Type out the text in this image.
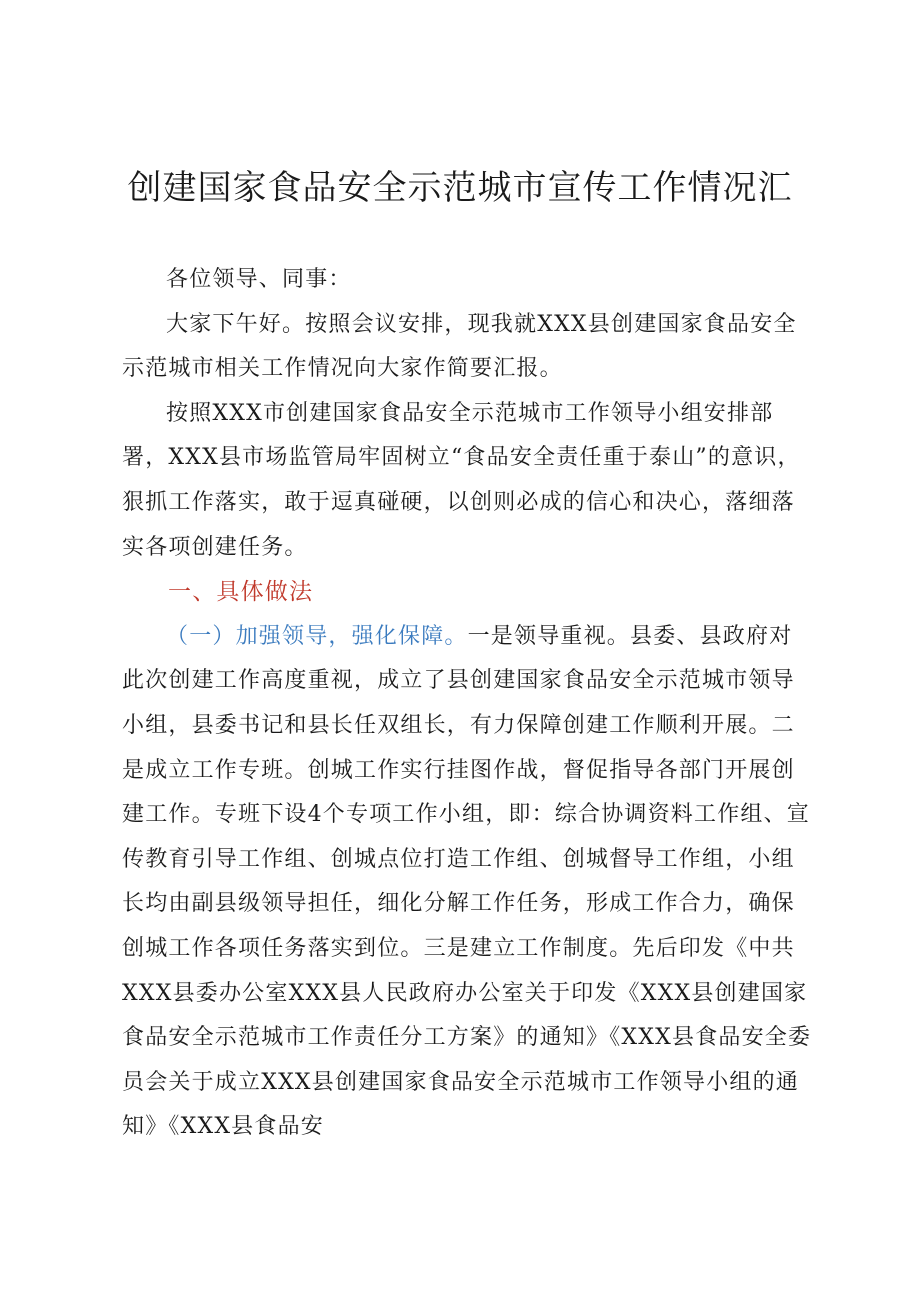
创建国家食品安全示范城市宣传工作情况汇

各位领导、同事：

大家下午好。按照会议安排，现我就XXX县创建国家食品安全示范城市相关工作情况向大家作简要汇报。

按照XXX市创建国家食品安全示范城市工作领导小组安排部署，XXX县市场监管局牢固树立“食品安全责任重于泰山”的意识，狠抓工作落实，敢于逗真碰硬，以创则必成的信心和决心，落细落实各项创建任务。

一、具体做法

（一）加强领导，强化保障。一是领导重视。县委、县政府对此次创建工作高度重视，成立了县创建国家食品安全示范城市领导小组，县委书记和县长任双组长，有力保障创建工作顺利开展。二是成立工作专班。创城工作实行挂图作战，督促指导各部门开展创建工作。专班下设4个专项工作小组，即：综合协调资料工作组、宣传教育引导工作组、创城点位打造工作组、创城督导工作组，小组长均由副县级领导担任，细化分解工作任务，形成工作合力，确保创城工作各项任务落实到位。三是建立工作制度。先后印发《中共XXX县委办公室XXX县人民政府办公室关于印发《XXX县创建国家食品安全示范城市工作责任分工方案》的通知》《XXX县食品安全委员会关于成立XXX县创建国家食品安全示范城市工作领导小组的通知》《XXX县食品安
